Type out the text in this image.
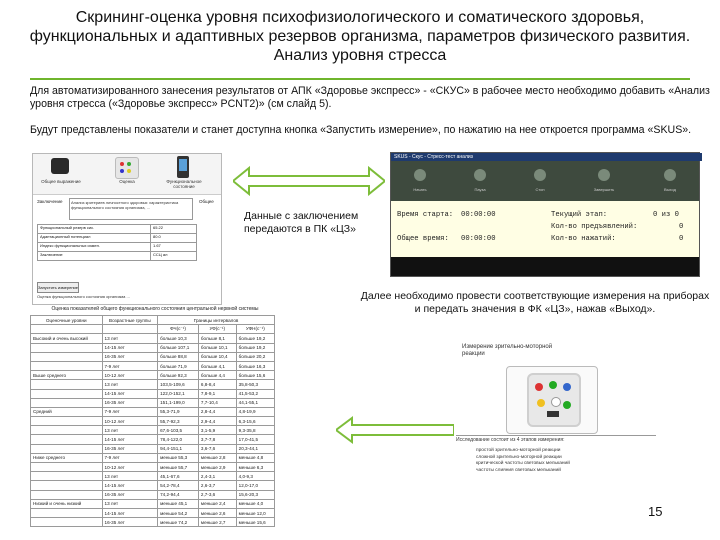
Скрининг-оценка уровня психофизиологического и соматического здоровья, функциональных и адаптивных резервов организма, параметров физического развития. Анализ уровня стресса
Для автоматизированного занесения результатов от АПК «Здоровье экспресс» - «СКУС» в рабочее место необходимо добавить «Анализ уровня стресса («Здоровье экспресс» PCNT2)» (см слайд 5).
Будут представлены показатели и станет доступна кнопка «Запустить измерение», по нажатию на нее откроется программа «SKUS».
Общее выражение	Оценка	Функциональное состояние
Заключение	Анализ критериев личностного здоровья: характеристика функционального состояния организма, ...
Общее
Функциональный резерв сис.	65.22
Адаптационный потенциал	80.0
Индекс функциональных измен.	1.67
Заключение	ССЦ ал
Запустить измерение
Оценка функционального состояния организма ...
Данные с заключением передаются в ПК «ЦЗ»
SKUS - Скус - Стресс-тест анализ
Начать	Пауза	Стоп	Завершить	Выход
Время старта: 00:00:00
Общее время: 00:00:00
Текущий этап:	0 из 0
Кол-во предъявлений:	0
Кол-во нажатий:	0
Далее необходимо провести соответствующие измерения на приборах и передать значения в ФК «ЦЗ», нажав «Выход».
Оценка показателей общего функционального состояния центральной нервной системы
Оценочные уровни	Возрастные группы	Границы интервалов		
		ФЧ(с⁻¹)	УФ(с⁻¹)	УФН(с⁻¹)
Высокий и очень высокий	13 лет	больше 10,3	больше 8,1	больше 19,2
	14-15 лет	больше 107,1	больше 10,1	больше 19,2
	16-35 лет	больше 88,8	больше 10,4	больше 20,2
	7-9 лет	больше 71,9	больше 4,1	больше 16,3
Выше среднего	10-12 лет	больше 92,3	больше 4,4	больше 15,6
	13 лет	103,5-109,6	6,8-8,4	35,8-50,3
	14-15 лет	122,0-152,1	7,8-9,1	41,5-53,2
	16-35 лет	151,1-199,0	7,7-10,4	44,1-55,1
Средний	7-9 лет	55,3-71,9	2,8-4,4	4,8-19,9
	10-12 лет	55,7-92,3	2,9-4,4	6,3-15,6
	13 лет	67,6-103,5	3,1-5,9	9,3-35,8
	14-15 лет	78,4-122,0	3,7-7,8	17,0-41,5
	16-35 лет	94,4-151,1	3,6-7,6	20,3-44,1
Ниже среднего	7-9 лет	меньше 55,3	меньше 2,8	меньше 4,8
	10-12 лет	меньше 55,7	меньше 2,9	меньше 6,3
	13 лет	45,1-67,6	2,4-3,1	4,0-9,3
	14-15 лет	54,2-78,4	2,6-3,7	12,0-17,0
	16-35 лет	74,2-94,4	2,7-3,6	15,6-20,3
Низкий и очень низкий	13 лет	меньше 45,1	меньше 2,4	меньше 4,0
	14-15 лет	меньше 54,2	меньше 2,6	меньше 12,0
	16-35 лет	меньше 74,2	меньше 2,7	меньше 15,6
Измерение зрительно-моторной реакции
Исследование состоит из 4 этапов измерения:
простой зрительно-моторной реакции
сложной зрительно-моторной реакции
критической частоты световых мельканий
частоты слияния световых мельканий
15
